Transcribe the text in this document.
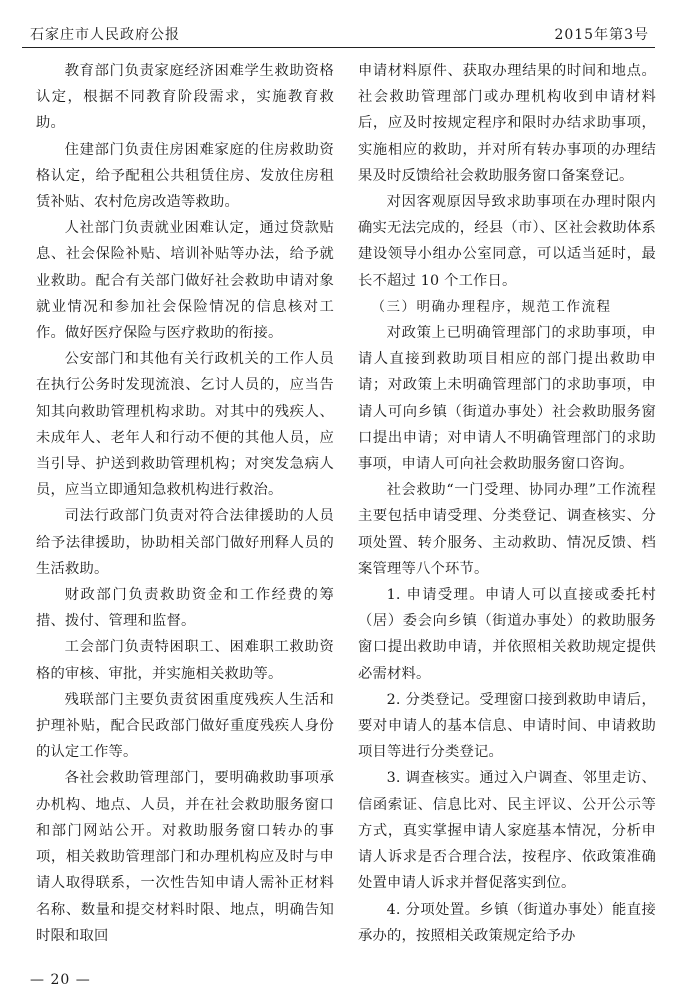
石家庄市人民政府公报	2015年第3号

教育部门负责家庭经济困难学生救助资格认定，根据不同教育阶段需求，实施教育救助。

住建部门负责住房困难家庭的住房救助资格认定，给予配租公共租赁住房、发放住房租赁补贴、农村危房改造等救助。

人社部门负责就业困难认定，通过贷款贴息、社会保险补贴、培训补贴等办法，给予就业救助。配合有关部门做好社会救助申请对象就业情况和参加社会保险情况的信息核对工作。做好医疗保险与医疗救助的衔接。

公安部门和其他有关行政机关的工作人员在执行公务时发现流浪、乞讨人员的，应当告知其向救助管理机构求助。对其中的残疾人、未成年人、老年人和行动不便的其他人员，应当引导、护送到救助管理机构；对突发急病人员，应当立即通知急救机构进行救治。

司法行政部门负责对符合法律援助的人员给予法律援助，协助相关部门做好刑释人员的生活救助。

财政部门负责救助资金和工作经费的筹措、拨付、管理和监督。

工会部门负责特困职工、困难职工救助资格的审核、审批，并实施相关救助等。

残联部门主要负责贫困重度残疾人生活和护理补贴，配合民政部门做好重度残疾人身份的认定工作等。

各社会救助管理部门，要明确救助事项承办机构、地点、人员，并在社会救助服务窗口和部门网站公开。对救助服务窗口转办的事项，相关救助管理部门和办理机构应及时与申请人取得联系，一次性告知申请人需补正材料名称、数量和提交材料时限、地点，明确告知时限和取回

申请材料原件、获取办理结果的时间和地点。社会救助管理部门或办理机构收到申请材料后，应及时按规定程序和限时办结求助事项，实施相应的救助，并对所有转办事项的办理结果及时反馈给社会救助服务窗口备案登记。

对因客观原因导致求助事项在办理时限内确实无法完成的，经县（市）、区社会救助体系建设领导小组办公室同意，可以适当延时，最长不超过 10 个工作日。

（三）明确办理程序，规范工作流程

对政策上已明确管理部门的求助事项，申请人直接到救助项目相应的部门提出救助申请；对政策上未明确管理部门的求助事项，申请人可向乡镇（街道办事处）社会救助服务窗口提出申请；对申请人不明确管理部门的求助事项，申请人可向社会救助服务窗口咨询。

社会救助“一门受理、协同办理”工作流程主要包括申请受理、分类登记、调查核实、分项处置、转介服务、主动救助、情况反馈、档案管理等八个环节。

1. 申请受理。申请人可以直接或委托村（居）委会向乡镇（街道办事处）的救助服务窗口提出救助申请，并依照相关救助规定提供必需材料。

2. 分类登记。受理窗口接到救助申请后，要对申请人的基本信息、申请时间、申请救助项目等进行分类登记。

3. 调查核实。通过入户调查、邻里走访、信函索证、信息比对、民主评议、公开公示等方式，真实掌握申请人家庭基本情况，分析申请人诉求是否合理合法，按程序、依政策准确处置申请人诉求并督促落实到位。

4. 分项处置。乡镇（街道办事处）能直接承办的，按照相关政策规定给予办

— 20 —
